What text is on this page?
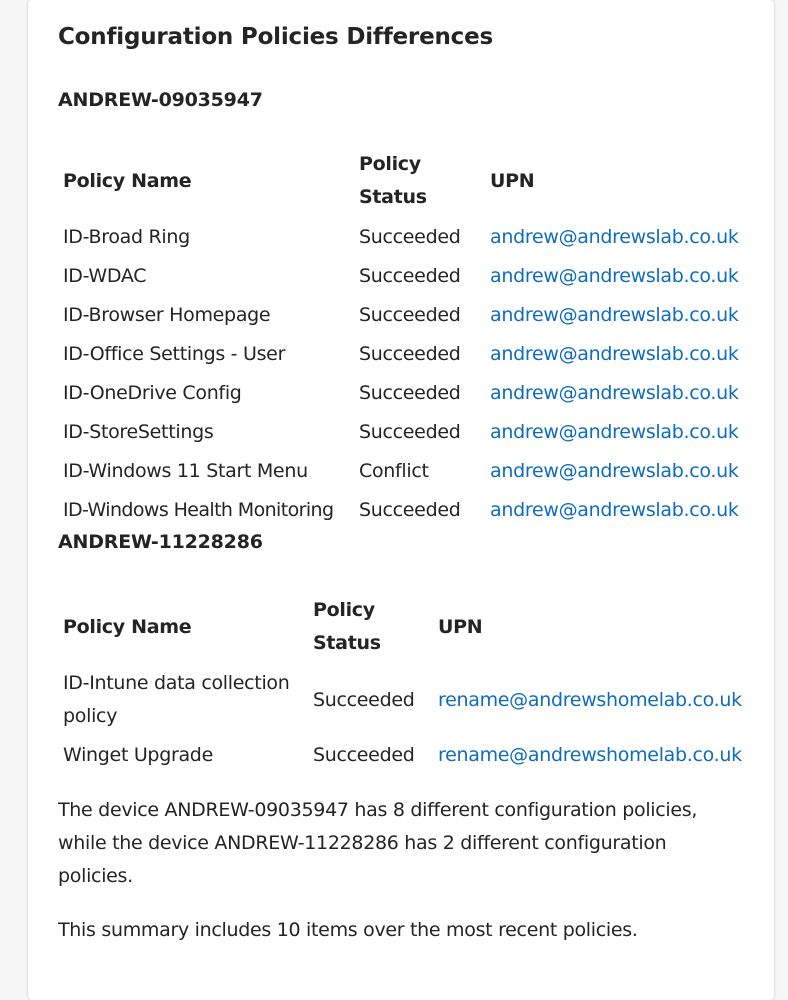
Configuration Policies Differences
ANDREW-09035947
Policy Name	Policy Status	UPN
ID-Broad Ring	Succeeded	andrew@andrewslab.co.uk
ID-WDAC	Succeeded	andrew@andrewslab.co.uk
ID-Browser Homepage	Succeeded	andrew@andrewslab.co.uk
ID-Office Settings - User	Succeeded	andrew@andrewslab.co.uk
ID-OneDrive Config	Succeeded	andrew@andrewslab.co.uk
ID-StoreSettings	Succeeded	andrew@andrewslab.co.uk
ID-Windows 11 Start Menu	Conflict	andrew@andrewslab.co.uk
ID-Windows Health Monitoring	Succeeded	andrew@andrewslab.co.uk
ANDREW-11228286
Policy Name	Policy Status	UPN
ID-Intune data collection policy	Succeeded	rename@andrewshomelab.co.uk
Winget Upgrade	Succeeded	rename@andrewshomelab.co.uk

The device ANDREW-09035947 has 8 different configuration policies, while the device ANDREW-11228286 has 2 different configuration policies.

This summary includes 10 items over the most recent policies.
